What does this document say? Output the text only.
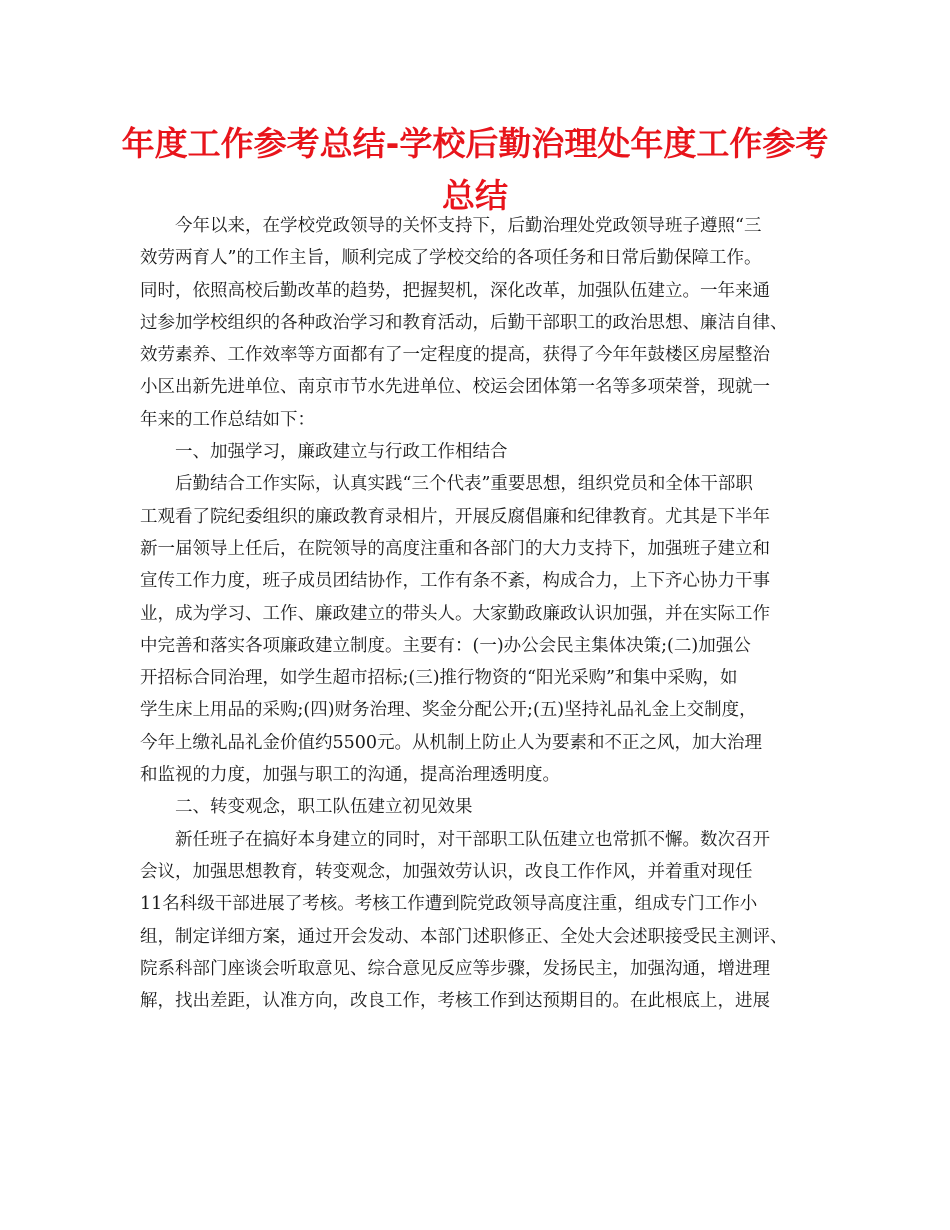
年度工作参考总结-学校后勤治理处年度工作参考
总结
今年以来，在学校党政领导的关怀支持下，后勤治理处党政领导班子遵照“三
效劳两育人”的工作主旨，顺利完成了学校交给的各项任务和日常后勤保障工作。
同时，依照高校后勤改革的趋势，把握契机，深化改革，加强队伍建立。一年来通
过参加学校组织的各种政治学习和教育活动，后勤干部职工的政治思想、廉洁自律、
效劳素养、工作效率等方面都有了一定程度的提高，获得了今年年鼓楼区房屋整治
小区出新先进单位、南京市节水先进单位、校运会团体第一名等多项荣誉，现就一
年来的工作总结如下：
一、加强学习，廉政建立与行政工作相结合
后勤结合工作实际，认真实践“三个代表”重要思想，组织党员和全体干部职
工观看了院纪委组织的廉政教育录相片，开展反腐倡廉和纪律教育。尤其是下半年
新一届领导上任后，在院领导的高度注重和各部门的大力支持下，加强班子建立和
宣传工作力度，班子成员团结协作，工作有条不紊，构成合力，上下齐心协力干事
业，成为学习、工作、廉政建立的带头人。大家勤政廉政认识加强，并在实际工作
中完善和落实各项廉政建立制度。主要有：(一)办公会民主集体决策;(二)加强公
开招标合同治理，如学生超市招标;(三)推行物资的“阳光采购”和集中采购，如
学生床上用品的采购;(四)财务治理、奖金分配公开;(五)坚持礼品礼金上交制度，
今年上缴礼品礼金价值约5500元。从机制上防止人为要素和不正之风，加大治理
和监视的力度，加强与职工的沟通，提高治理透明度。
二、转变观念，职工队伍建立初见效果
新任班子在搞好本身建立的同时，对干部职工队伍建立也常抓不懈。数次召开
会议，加强思想教育，转变观念，加强效劳认识，改良工作作风，并着重对现任
11名科级干部进展了考核。考核工作遭到院党政领导高度注重，组成专门工作小
组，制定详细方案，通过开会发动、本部门述职修正、全处大会述职接受民主测评、
院系科部门座谈会听取意见、综合意见反应等步骤，发扬民主，加强沟通，增进理
解，找出差距，认准方向，改良工作，考核工作到达预期目的。在此根底上，进展
